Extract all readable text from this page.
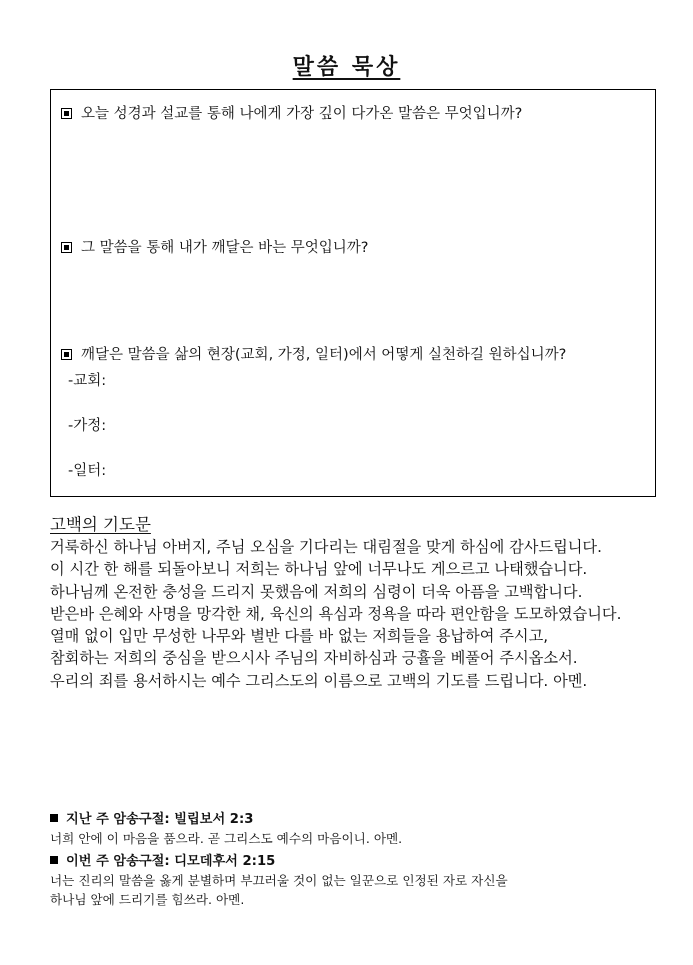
말씀 묵상
오늘 성경과 설교를 통해 나에게 가장 깊이 다가온 말씀은 무엇입니까?
그 말씀을 통해 내가 깨달은 바는 무엇입니까?
깨달은 말씀을 삶의 현장(교회, 가정, 일터)에서 어떻게 실천하길 원하십니까?
-교회:
-가정:
-일터:
고백의 기도문
거룩하신 하나님 아버지, 주님 오심을 기다리는 대림절을 맞게 하심에 감사드립니다.
이 시간 한 해를 되돌아보니 저희는 하나님 앞에 너무나도 게으르고 나태했습니다.
하나님께 온전한 충성을 드리지 못했음에 저희의 심령이 더욱 아픔을 고백합니다.
받은바 은혜와 사명을 망각한 채, 육신의 욕심과 정욕을 따라 편안함을 도모하였습니다.
열매 없이 입만 무성한 나무와 별반 다를 바 없는 저희들을 용납하여 주시고,
참회하는 저희의 중심을 받으시사 주님의 자비하심과 긍휼을 베풀어 주시옵소서.
우리의 죄를 용서하시는 예수 그리스도의 이름으로 고백의 기도를 드립니다. 아멘.
지난 주 암송구절: 빌립보서 2:3
너희 안에 이 마음을 품으라. 곧 그리스도 예수의 마음이니. 아멘.
이번 주 암송구절: 디모데후서 2:15
너는 진리의 말씀을 옳게 분별하며 부끄러울 것이 없는 일꾼으로 인정된 자로 자신을
하나님 앞에 드리기를 힘쓰라. 아멘.
